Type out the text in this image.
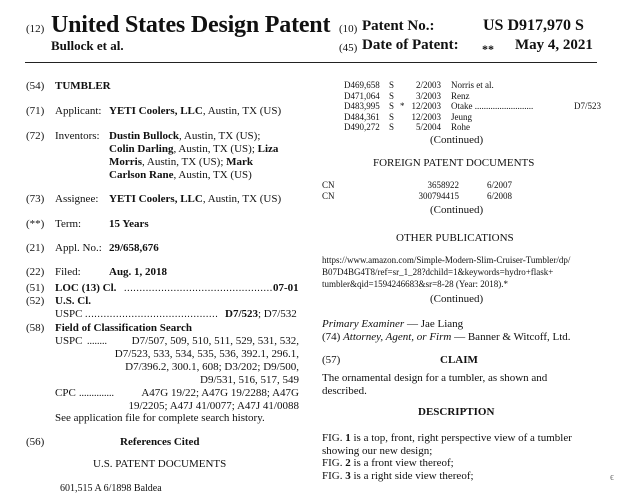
(12) United States Design Patent
Bullock et al.
(10) Patent No.:	US D917,970 S
(45) Date of Patent: ** May 4, 2021
(54) TUMBLER
(71) Applicant: YETI Coolers, LLC, Austin, TX (US)
(72) Inventors: Dustin Bullock, Austin, TX (US);
Colin Darling, Austin, TX (US); Liza
Morris, Austin, TX (US); Mark
Carlson Rane, Austin, TX (US)
(73) Assignee: YETI Coolers, LLC, Austin, TX (US)
(**) Term:	15 Years
(21) Appl. No.: 29/658,676
(22) Filed:	Aug. 1, 2018
(51) LOC (13) Cl. ................................................ 07-01
(52) U.S. Cl.
USPC ........................................... D7/523; D7/532
(58) Field of Classification Search
USPC ........ D7/507, 509, 510, 511, 529, 531, 532,
D7/523, 533, 534, 535, 536, 392.1, 296.1,
D7/396.2, 300.1, 608; D3/202; D9/500,
D9/531, 516, 517, 549
CPC .............. A47G 19/22; A47G 19/2288; A47G
19/2205; A47J 41/0077; A47J 41/0088
See application file for complete search history.
(56)	References Cited
U.S. PATENT DOCUMENTS
601,515 A 6/1898 Baldea
D469,658	S		2/2003		Norris et al.	
D471,064	S		3/2003		Renz	
D483,995	S	*	12/2003		Otake ..........................	D7/523
D484,361	S		12/2003		Jeung	
D490,272	S		5/2004		Rohe	
(Continued)
FOREIGN PATENT DOCUMENTS
CN	3658922		6/2007
CN	300794415		6/2008
(Continued)
OTHER PUBLICATIONS
https://www.amazon.com/Simple-Modern-Slim-Cruiser-Tumbler/dp/
B07D4BG4T8/ref=sr_1_28?dchild=1&keywords=hydro+flask+
tumbler&qid=1594246683&sr=8-28 (Year: 2018).*
(Continued)
Primary Examiner — Jae Liang
(74) Attorney, Agent, or Firm — Banner & Witcoff, Ltd.
(57)	CLAIM
The ornamental design for a tumbler, as shown and
described.
DESCRIPTION
FIG. 1 is a top, front, right perspective view of a tumbler
showing our new design;
FIG. 2 is a front view thereof;
FIG. 3 is a right side view thereof;	ϵ
